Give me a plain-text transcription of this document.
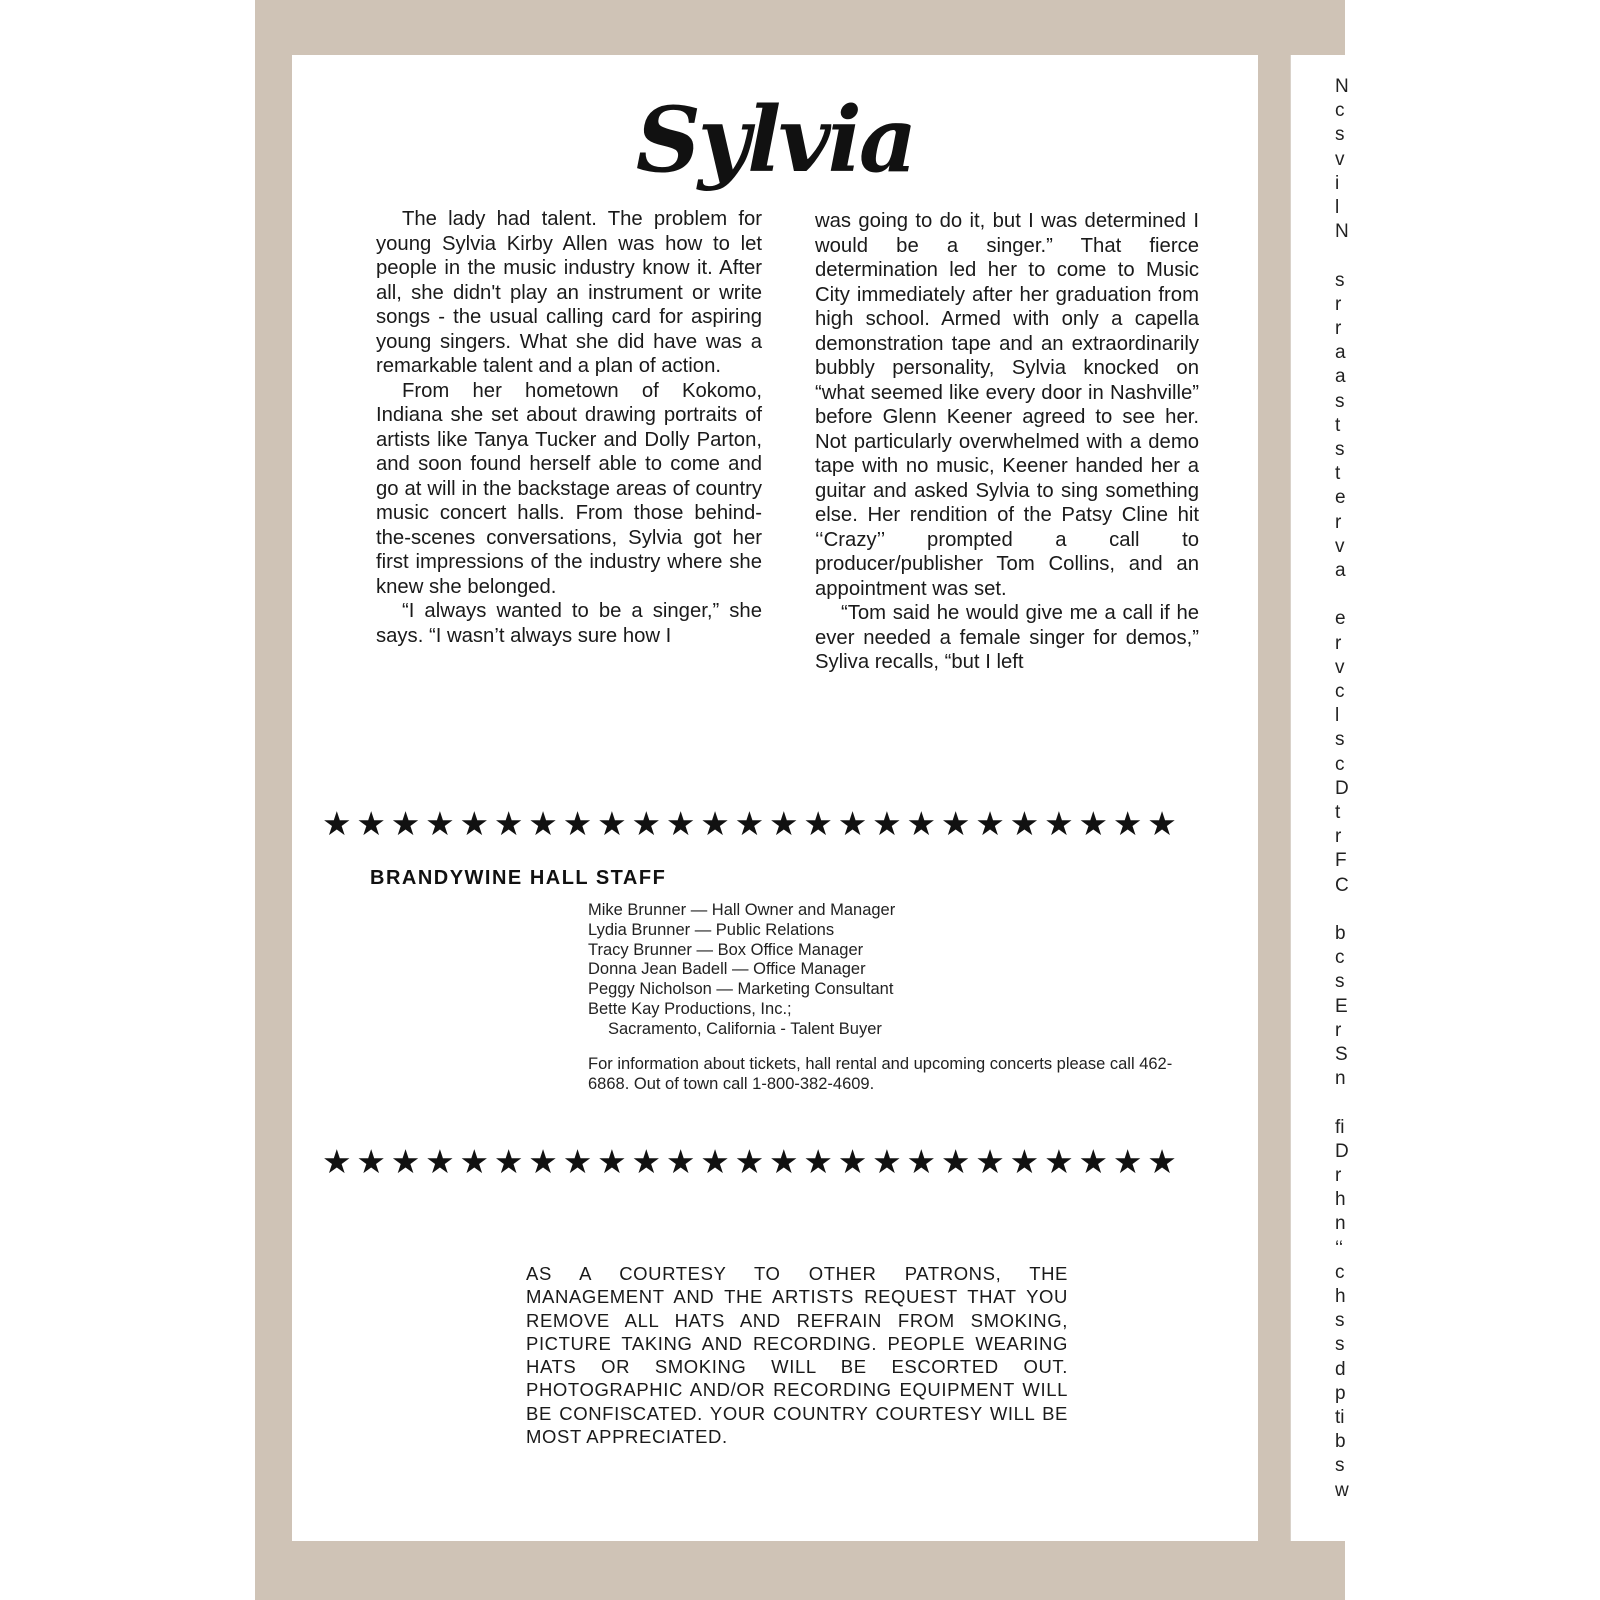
Sylvia

The lady had talent. The problem for young Sylvia Kirby Allen was how to let people in the music industry know it. After all, she didn't play an instrument or write songs - the usual calling card for aspiring young singers. What she did have was a remarkable talent and a plan of action.

From her hometown of Kokomo, Indiana she set about drawing portraits of artists like Tanya Tucker and Dolly Parton, and soon found herself able to come and go at will in the backstage areas of country music concert halls. From those behind-the-scenes conversations, Sylvia got her first impressions of the industry where she knew she belonged.

“I always wanted to be a singer,” she says. “I wasn’t always sure how I

was going to do it, but I was determined I would be a singer.” That fierce determination led her to come to Music City immediately after her graduation from high school. Armed with only a capella demonstration tape and an extraordinarily bubbly personality, Sylvia knocked on “what seemed like every door in Nashville” before Glenn Keener agreed to see her. Not particularly overwhelmed with a demo tape with no music, Keener handed her a guitar and asked Sylvia to sing something else. Her rendition of the Patsy Cline hit ‘‘Crazy’’ prompted a call to producer/publisher Tom Collins, and an appointment was set.

“Tom said he would give me a call if he ever needed a female singer for demos,” Syliva recalls, “but I left

★★★★★★★★★★★★★★★★★★★★★★★★★
BRANDYWINE HALL STAFF
Mike Brunner — Hall Owner and Manager
Lydia Brunner — Public Relations
Tracy Brunner — Box Office Manager
Donna Jean Badell — Office Manager
Peggy Nicholson — Marketing Consultant
Bette Kay Productions, Inc.;
Sacramento, California - Talent Buyer
For information about tickets, hall rental and upcoming concerts please call 462-6868. Out of town call 1-800-382-4609.
★★★★★★★★★★★★★★★★★★★★★★★★★
AS A COURTESY TO OTHER PATRONS, THE MANAGEMENT AND THE ARTISTS REQUEST THAT YOU REMOVE ALL HATS AND REFRAIN FROM SMOKING, PICTURE TAKING AND RECORDING. PEOPLE WEARING HATS OR SMOKING WILL BE ESCORTED OUT. PHOTOGRAPHIC AND/OR RECORDING EQUIPMENT WILL BE CONFISCATED. YOUR COUNTRY COURTESY WILL BE MOST APPRECIATED.
N
c
s
v
i
l
N
s
r
r
a
a
s
t
s
t
e
r
v
a
e
r
v
c
l
s
c
D
t
r
F
C
b
c
s
E
r
S
n
fi
D
r
h
n
‘‘
c
h
s
s
d
p
ti
b
s
w
